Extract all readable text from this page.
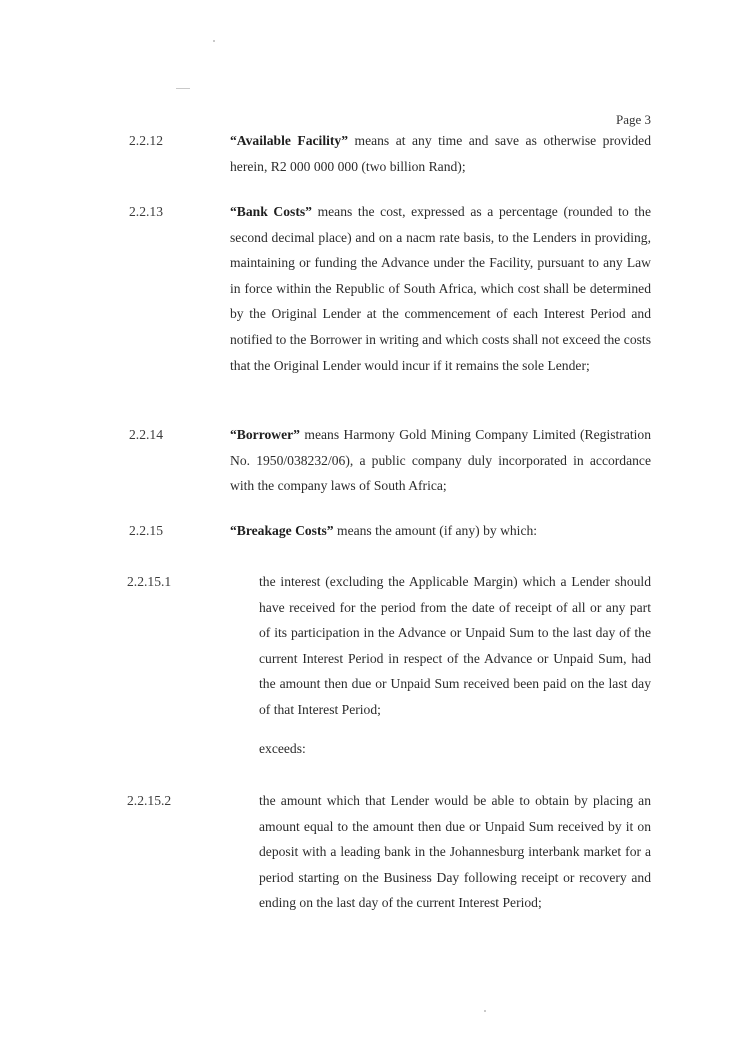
Page 3
2.2.12	“Available Facility” means at any time and save as otherwise provided herein, R2 000 000 000 (two billion Rand);
2.2.13	“Bank Costs” means the cost, expressed as a percentage (rounded to the second decimal place) and on a nacm rate basis, to the Lenders in providing, maintaining or funding the Advance under the Facility, pursuant to any Law in force within the Republic of South Africa, which cost shall be determined by the Original Lender at the commencement of each Interest Period and notified to the Borrower in writing and which costs shall not exceed the costs that the Original Lender would incur if it remains the sole Lender;
2.2.14	“Borrower” means Harmony Gold Mining Company Limited (Registration No. 1950/038232/06), a public company duly incorporated in accordance with the company laws of South Africa;
2.2.15	“Breakage Costs” means the amount (if any) by which:
2.2.15.1	the interest (excluding the Applicable Margin) which a Lender should have received for the period from the date of receipt of all or any part of its participation in the Advance or Unpaid Sum to the last day of the current Interest Period in respect of the Advance or Unpaid Sum, had the amount then due or Unpaid Sum received been paid on the last day of that Interest Period;
exceeds:
2.2.15.2	the amount which that Lender would be able to obtain by placing an amount equal to the amount then due or Unpaid Sum received by it on deposit with a leading bank in the Johannesburg interbank market for a period starting on the Business Day following receipt or recovery and ending on the last day of the current Interest Period;
